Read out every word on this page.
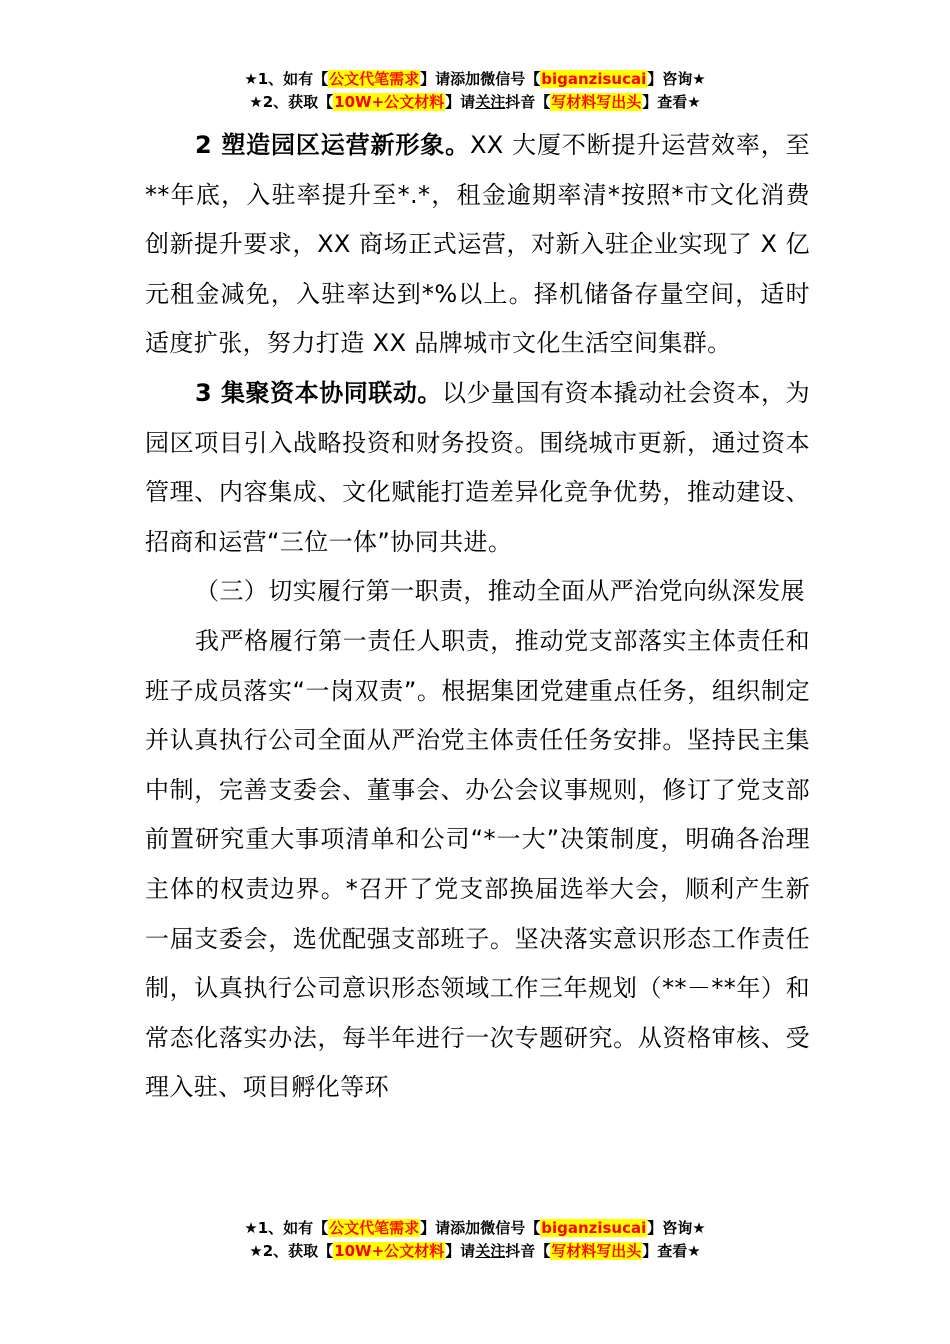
★1、如有【公文代笔需求】请添加微信号【biganzisucai】咨询★
★2、获取【10W+公文材料】请关注抖音【写材料写出头】查看★

2 塑造园区运营新形象。XX 大厦不断提升运营效率，至**年底，入驻率提升至*.*，租金逾期率清*按照*市文化消费创新提升要求，XX 商场正式运营，对新入驻企业实现了 X 亿元租金减免，入驻率达到*%以上。择机储备存量空间，适时适度扩张，努力打造 XX 品牌城市文化生活空间集群。

3 集聚资本协同联动。以少量国有资本撬动社会资本，为园区项目引入战略投资和财务投资。围绕城市更新，通过资本管理、内容集成、文化赋能打造差异化竞争优势，推动建设、招商和运营“三位一体”协同共进。

（三）切实履行第一职责，推动全面从严治党向纵深发展

我严格履行第一责任人职责，推动党支部落实主体责任和班子成员落实“一岗双责”。根据集团党建重点任务，组织制定并认真执行公司全面从严治党主体责任任务安排。坚持民主集中制，完善支委会、董事会、办公会议事规则，修订了党支部前置研究重大事项清单和公司“*一大”决策制度，明确各治理主体的权责边界。*召开了党支部换届选举大会，顺利产生新一届支委会，选优配强支部班子。坚决落实意识形态工作责任制，认真执行公司意识形态领域工作三年规划（**－**年）和常态化落实办法，每半年进行一次专题研究。从资格审核、受理入驻、项目孵化等环

★1、如有【公文代笔需求】请添加微信号【biganzisucai】咨询★
★2、获取【10W+公文材料】请关注抖音【写材料写出头】查看★
